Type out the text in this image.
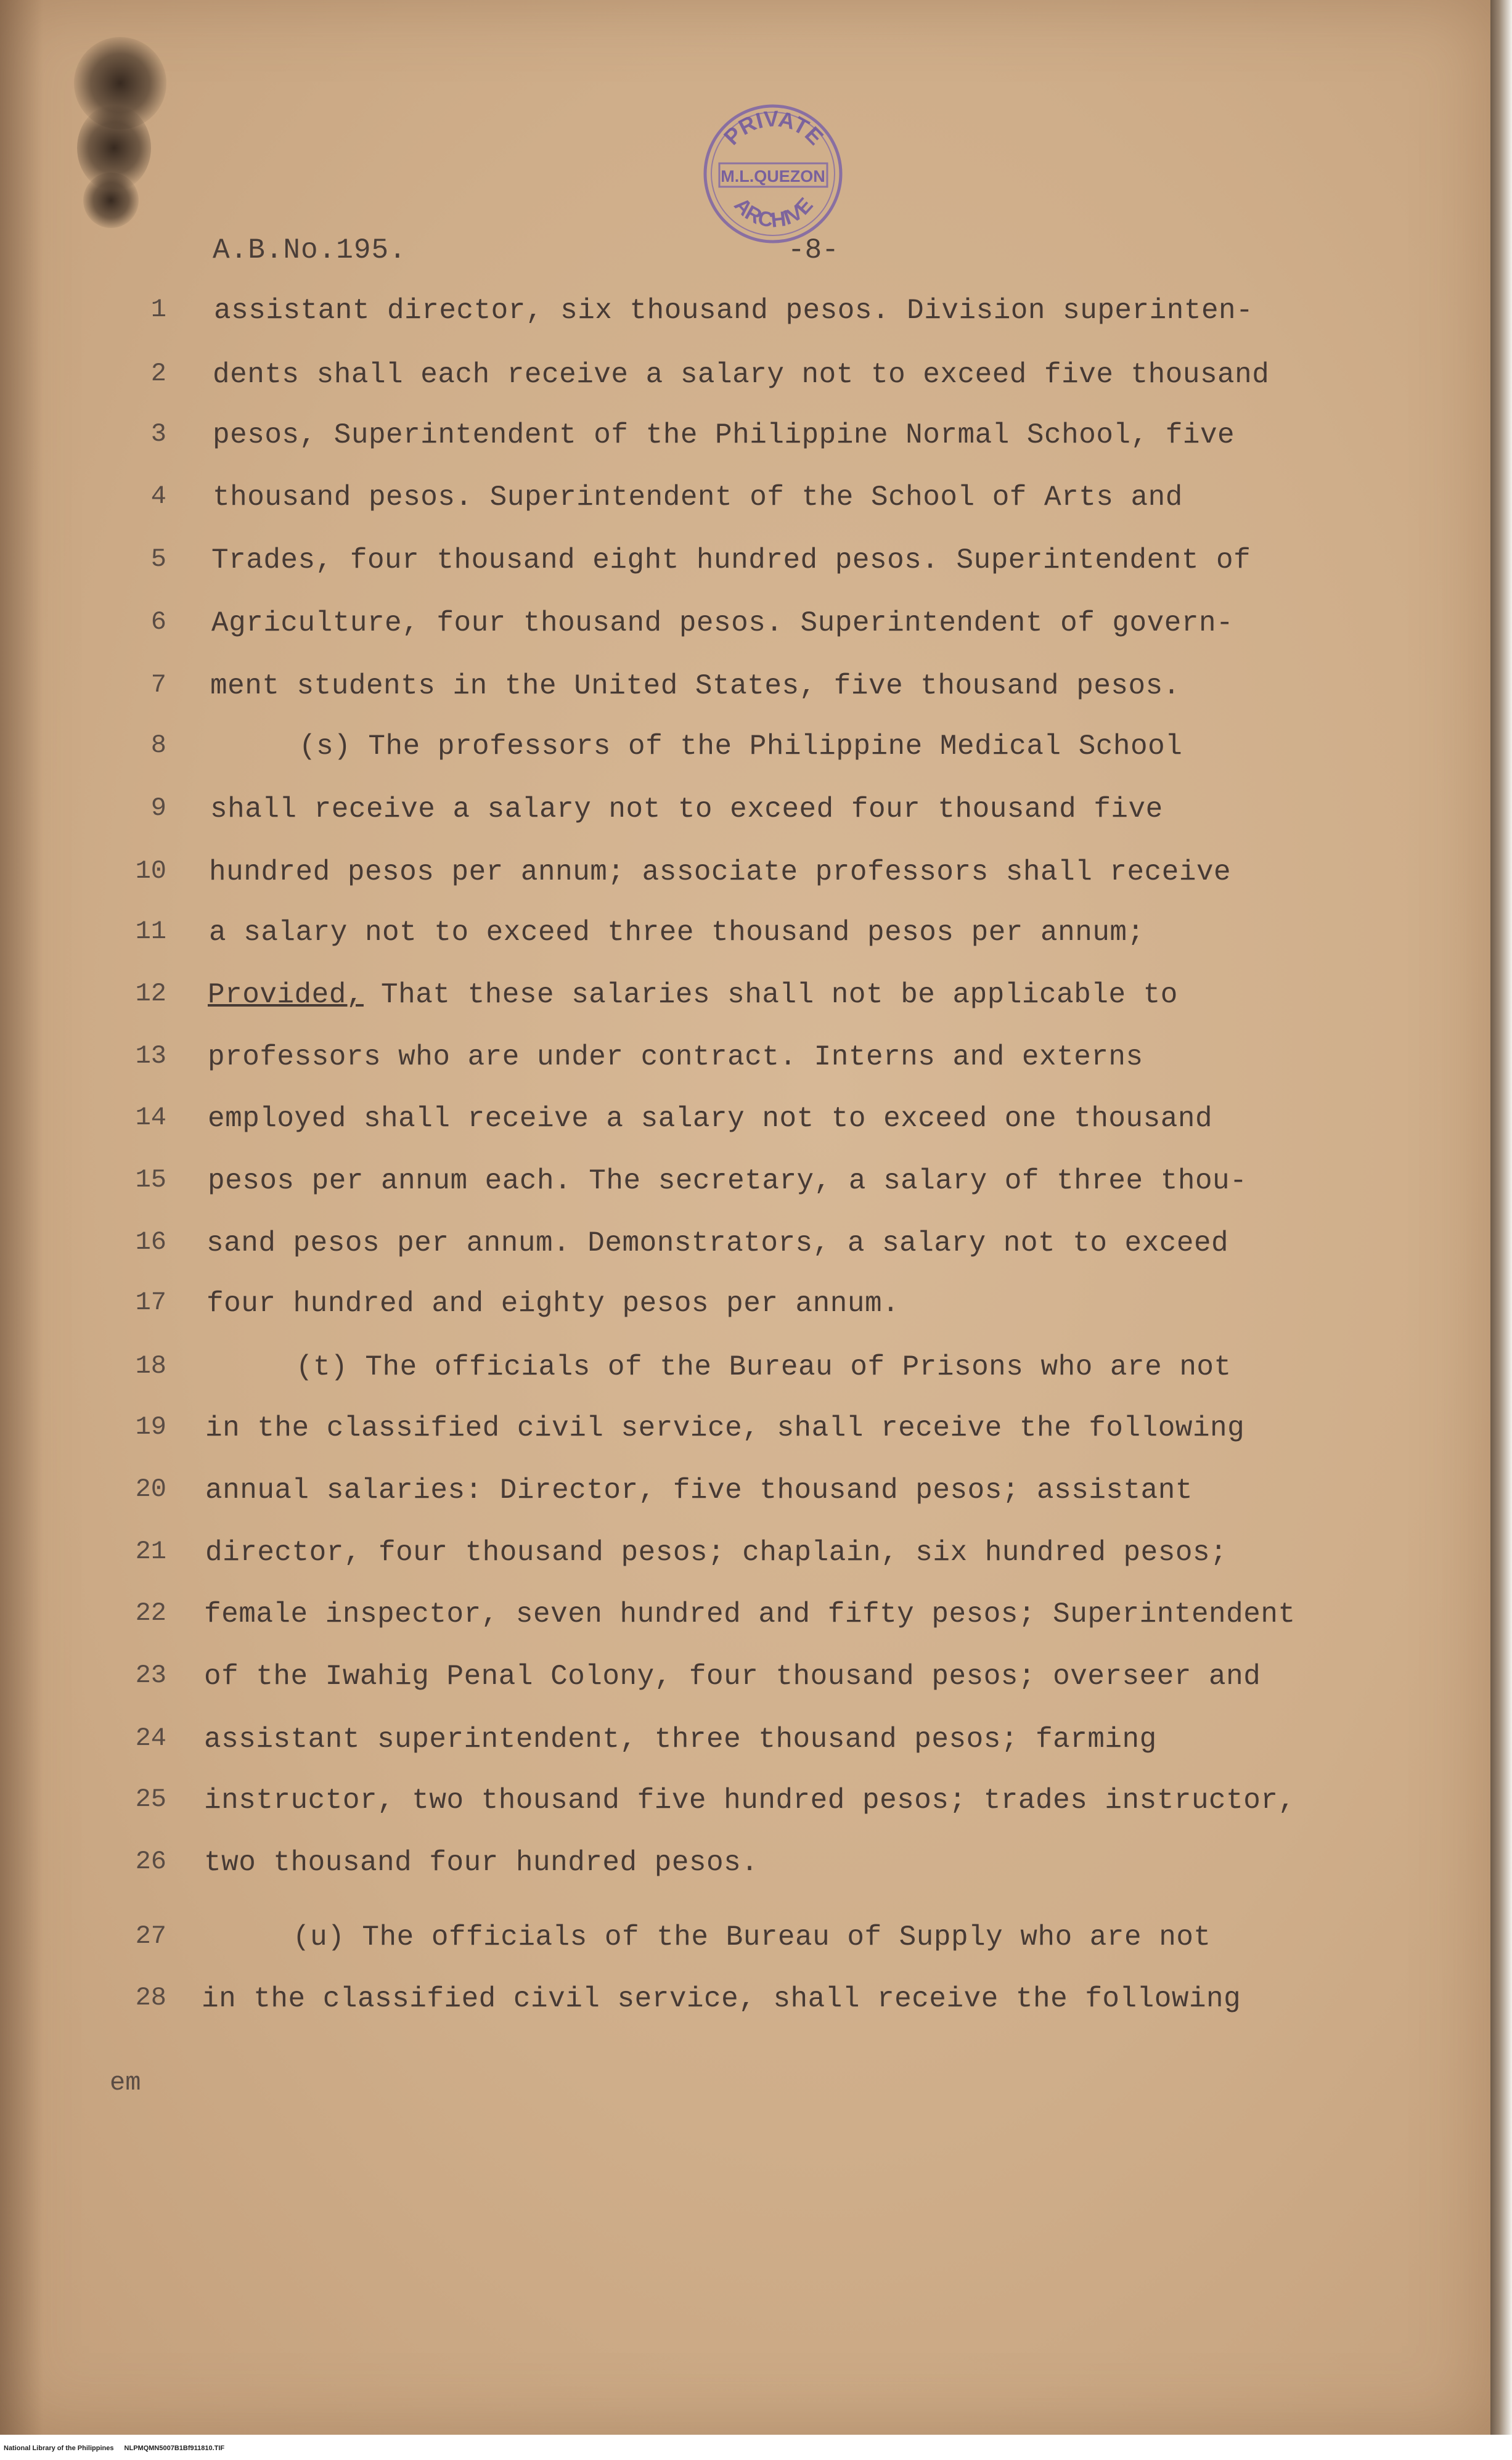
PRIVATE
M.L.QUEZON
ARCHIVE
A.B.No.195.	-8-
1 assistant director, six thousand pesos. Division superinten-
2 dents shall each receive a salary not to exceed five thousand
3 pesos, Superintendent of the Philippine Normal School, five
4 thousand pesos. Superintendent of the School of Arts and
5 Trades, four thousand eight hundred pesos. Superintendent of
6 Agriculture, four thousand pesos. Superintendent of govern-
7 ment students in the United States, five thousand pesos.
8	(s) The professors of the Philippine Medical School
9 shall receive a salary not to exceed four thousand five
10 hundred pesos per annum; associate professors shall receive
11 a salary not to exceed three thousand pesos per annum;
12 Provided, That these salaries shall not be applicable to
13 professors who are under contract. Interns and externs
14 employed shall receive a salary not to exceed one thousand
15 pesos per annum each. The secretary, a salary of three thou-
16 sand pesos per annum. Demonstrators, a salary not to exceed
17 four hundred and eighty pesos per annum.
18	(t) The officials of the Bureau of Prisons who are not
19 in the classified civil service, shall receive the following
20 annual salaries: Director, five thousand pesos; assistant
21 director, four thousand pesos; chaplain, six hundred pesos;
22 female inspector, seven hundred and fifty pesos; Superintendent
23 of the Iwahig Penal Colony, four thousand pesos; overseer and
24 assistant superintendent, three thousand pesos; farming
25 instructor, two thousand five hundred pesos; trades instructor,
26 two thousand four hundred pesos.
27	(u) The officials of the Bureau of Supply who are not
28 in the classified civil service, shall receive the following
em
National Library of the Philippines NLPMQMN5007B1Bf911810.TIF
